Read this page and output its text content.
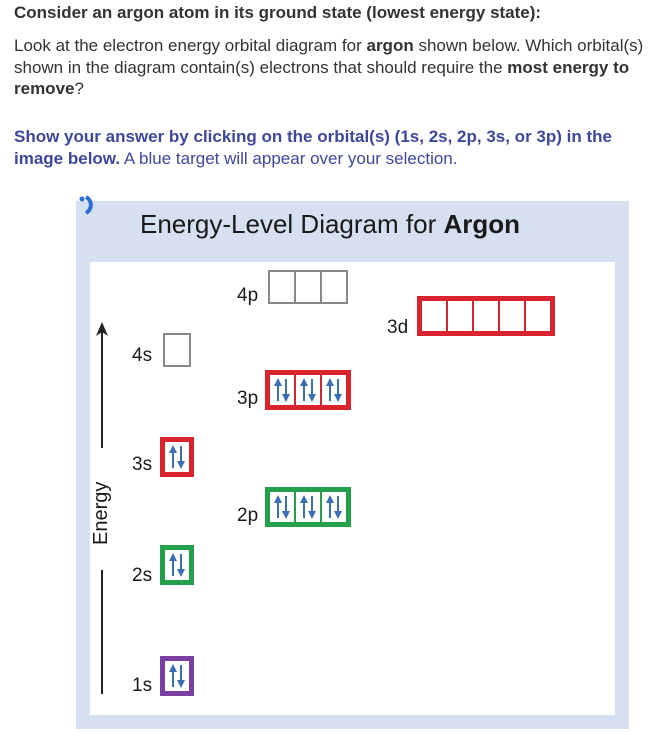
Consider an argon atom in its ground state (lowest energy state):
Look at the electron energy orbital diagram for argon shown below. Which orbital(s) shown in the diagram contain(s) electrons that should require the most energy to remove?
Show your answer by clicking on the orbital(s) (1s, 2s, 2p, 3s, or 3p) in the image below. A blue target will appear over your selection.
Energy-Level Diagram for Argon
Energy
4p
3d
4s
3p
3s
2p
2s
1s
